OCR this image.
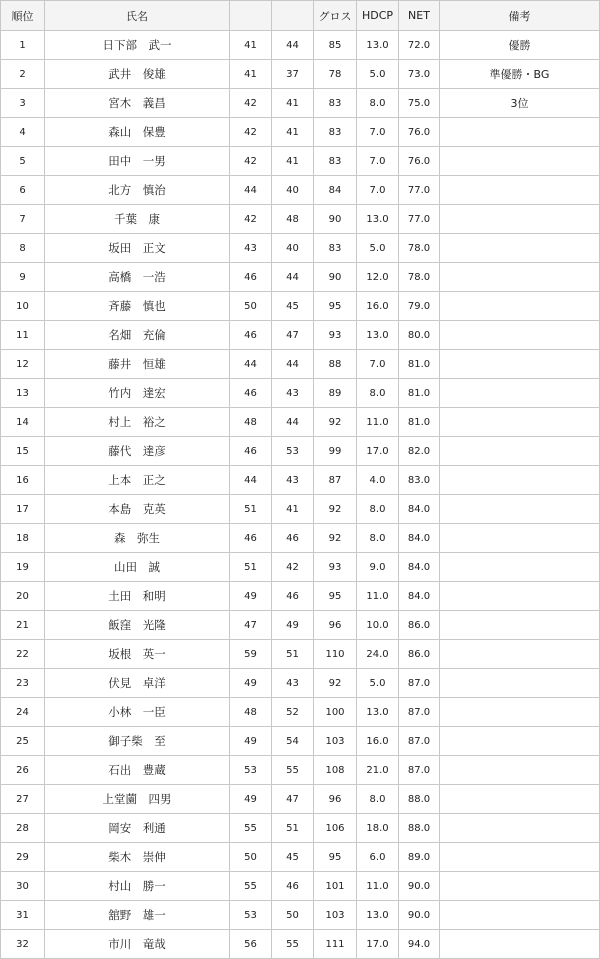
順位	氏名			グロス	HDCP	NET	備考
1	日下部　武一	41	44	85	13.0	72.0	優勝
2	武井　俊雄	41	37	78	5.0	73.0	準優勝・BG
3	宮木　義昌	42	41	83	8.0	75.0	3位
4	森山　保豊	42	41	83	7.0	76.0	
5	田中　一男	42	41	83	7.0	76.0	
6	北方　慎治	44	40	84	7.0	77.0	
7	千葉　康	42	48	90	13.0	77.0	
8	坂田　正文	43	40	83	5.0	78.0	
9	高橋　一浩	46	44	90	12.0	78.0	
10	斉藤　慎也	50	45	95	16.0	79.0	
11	名畑　充倫	46	47	93	13.0	80.0	
12	藤井　恒雄	44	44	88	7.0	81.0	
13	竹内　達宏	46	43	89	8.0	81.0	
14	村上　裕之	48	44	92	11.0	81.0	
15	藤代　達彦	46	53	99	17.0	82.0	
16	上本　正之	44	43	87	4.0	83.0	
17	本島　克英	51	41	92	8.0	84.0	
18	森　弥生	46	46	92	8.0	84.0	
19	山田　誠	51	42	93	9.0	84.0	
20	土田　和明	49	46	95	11.0	84.0	
21	飯窪　光隆	47	49	96	10.0	86.0	
22	坂根　英一	59	51	110	24.0	86.0	
23	伏見　卓洋	49	43	92	5.0	87.0	
24	小林　一臣	48	52	100	13.0	87.0	
25	御子柴　至	49	54	103	16.0	87.0	
26	石出　豊蔵	53	55	108	21.0	87.0	
27	上堂薗　四男	49	47	96	8.0	88.0	
28	岡安　利通	55	51	106	18.0	88.0	
29	柴木　崇伸	50	45	95	6.0	89.0	
30	村山　勝一	55	46	101	11.0	90.0	
31	舘野　雄一	53	50	103	13.0	90.0	
32	市川　竜哉	56	55	111	17.0	94.0	
